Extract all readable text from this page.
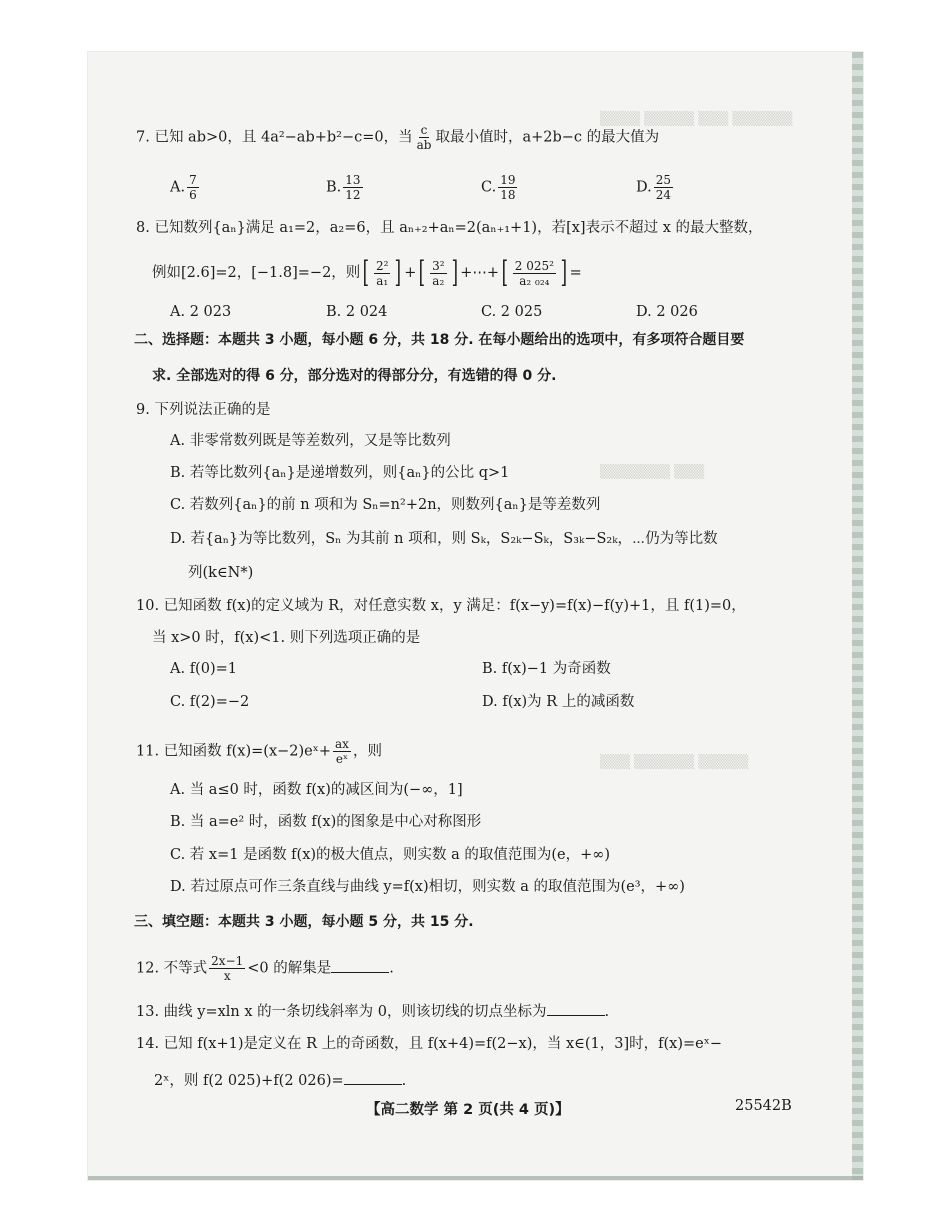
▒▒▒▒ ▒▒▒▒▒ ▒▒▒ ▒▒▒▒▒▒
▒▒▒▒▒▒▒ ▒▒▒
▒▒▒ ▒▒▒▒▒▒ ▒▒▒▒▒
7. 已知 ab>0，且 4a²−ab+b²−c=0，当 $\frac{c}{ab}$ 取最小值时，a+2b−c 的最大值为
A. $\frac{7}{6}$	B. $\frac{13}{12}$	C. $\frac{19}{18}$	D. $\frac{25}{24}$
8. 已知数列{aₙ}满足 a₁=2，a₂=6，且 aₙ₊₂+aₙ=2(aₙ₊₁+1)，若[x]表示不超过 x 的最大整数，
例如[2.6]=2，[−1.8]=−2，则 [ $\frac{\text{2²}}{\text{a₁}}$ ] + [ $\frac{\text{3²}}{\text{a₂}}$ ] +⋯+ [ $\frac{\text{2 025²}}{\text{a₂ ₀₂₄}}$ ] =
A. 2 023	B. 2 024	C. 2 025	D. 2 026
二、选择题：本题共 3 小题，每小题 6 分，共 18 分. 在每小题给出的选项中，有多项符合题目要
求. 全部选对的得 6 分，部分选对的得部分分，有选错的得 0 分.
9. 下列说法正确的是
A. 非零常数列既是等差数列，又是等比数列
B. 若等比数列{aₙ}是递增数列，则{aₙ}的公比 q>1
C. 若数列{aₙ}的前 n 项和为 Sₙ=n²+2n，则数列{aₙ}是等差数列
D. 若{aₙ}为等比数列，Sₙ 为其前 n 项和，则 Sₖ，S₂ₖ−Sₖ，S₃ₖ−S₂ₖ，⋯仍为等比数
列(k∈N*)
10. 已知函数 f(x)的定义域为 R，对任意实数 x，y 满足：f(x−y)=f(x)−f(y)+1，且 f(1)=0，
当 x>0 时，f(x)<1. 则下列选项正确的是
A. f(0)=1	B. f(x)−1 为奇函数
C. f(2)=−2	D. f(x)为 R 上的减函数
11. 已知函数 f(x)=(x−2)eˣ+ $\frac{ax}{\text{eˣ}}$ ，则
A. 当 a≤0 时，函数 f(x)的减区间为(−∞，1]
B. 当 a=e² 时，函数 f(x)的图象是中心对称图形
C. 若 x=1 是函数 f(x)的极大值点，则实数 a 的取值范围为(e，+∞)
D. 若过原点可作三条直线与曲线 y=f(x)相切，则实数 a 的取值范围为(e³，+∞)
三、填空题：本题共 3 小题，每小题 5 分，共 15 分.
12. 不等式 $\frac{2x-1}{x} <0$ 的解集是	.
13. 曲线 y=xln x 的一条切线斜率为 0，则该切线的切点坐标为	.
14. 已知 f(x+1)是定义在 R 上的奇函数，且 f(x+4)=f(2−x)，当 x∈(1，3]时，f(x)=eˣ−
2ˣ，则 f(2 025)+f(2 026)=	.
【高二数学 第 2 页(共 4 页)】	25542B
